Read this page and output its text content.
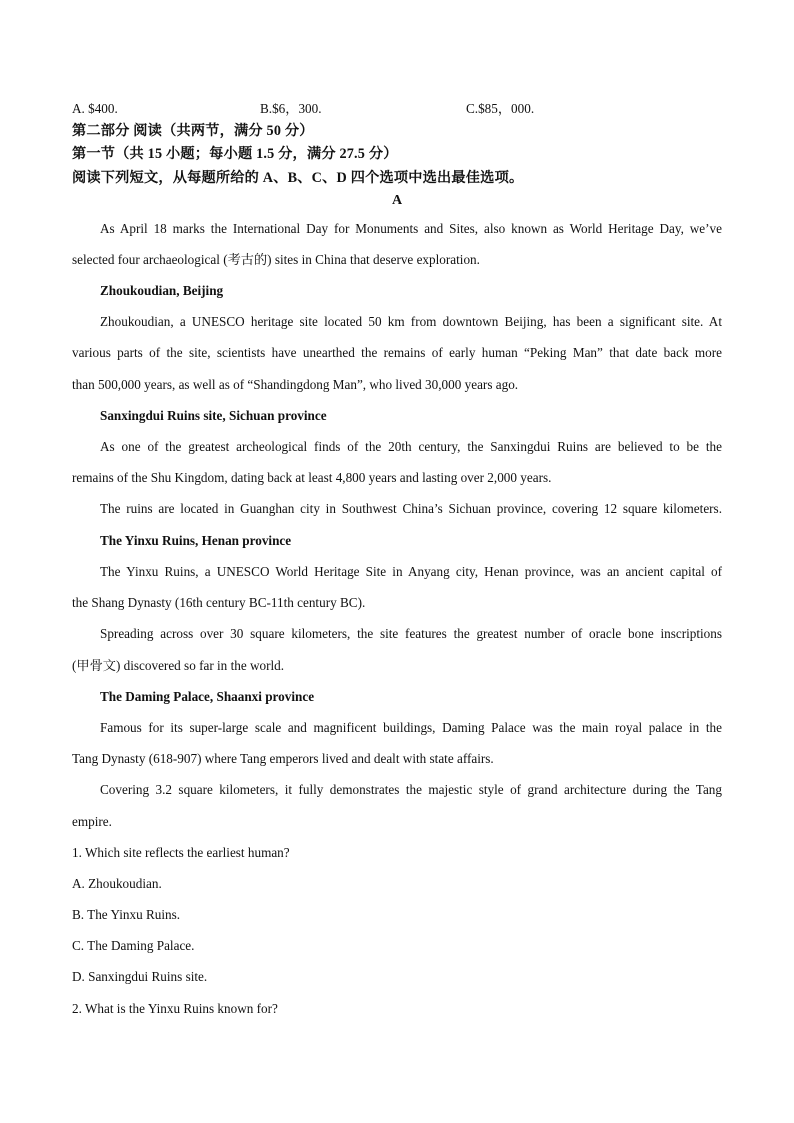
A. $400.	B.$6，300.	C.$85，000.
第二部分 阅读（共两节，满分 50 分）
第一节（共 15 小题；每小题 1.5 分，满分 27.5 分）
阅读下列短文，从每题所给的 A、B、C、D 四个选项中选出最佳选项。
A
As April 18 marks the International Day for Monuments and Sites, also known as World Heritage Day, we’ve
selected four archaeological (考古的) sites in China that deserve exploration.
Zhoukoudian, Beijing
Zhoukoudian, a UNESCO heritage site located 50 km from downtown Beijing, has been a significant site. At
various parts of the site, scientists have unearthed the remains of early human “Peking Man” that date back more
than 500,000 years, as well as of “Shandingdong Man”, who lived 30,000 years ago.
Sanxingdui Ruins site, Sichuan province
As one of the greatest archeological finds of the 20th century, the Sanxingdui Ruins are believed to be the
remains of the Shu Kingdom, dating back at least 4,800 years and lasting over 2,000 years.
The ruins are located in Guanghan city in Southwest China’s Sichuan province, covering 12 square kilometers.
The Yinxu Ruins, Henan province
The Yinxu Ruins, a UNESCO World Heritage Site in Anyang city, Henan province, was an ancient capital of
the Shang Dynasty (16th century BC-11th century BC).
Spreading across over 30 square kilometers, the site features the greatest number of oracle bone inscriptions
(甲骨文) discovered so far in the world.
The Daming Palace, Shaanxi province
Famous for its super-large scale and magnificent buildings, Daming Palace was the main royal palace in the
Tang Dynasty (618-907) where Tang emperors lived and dealt with state affairs.
Covering 3.2 square kilometers, it fully demonstrates the majestic style of grand architecture during the Tang
empire.
1. Which site reflects the earliest human?
A. Zhoukoudian.
B. The Yinxu Ruins.
C. The Daming Palace.
D. Sanxingdui Ruins site.
2. What is the Yinxu Ruins known for?
